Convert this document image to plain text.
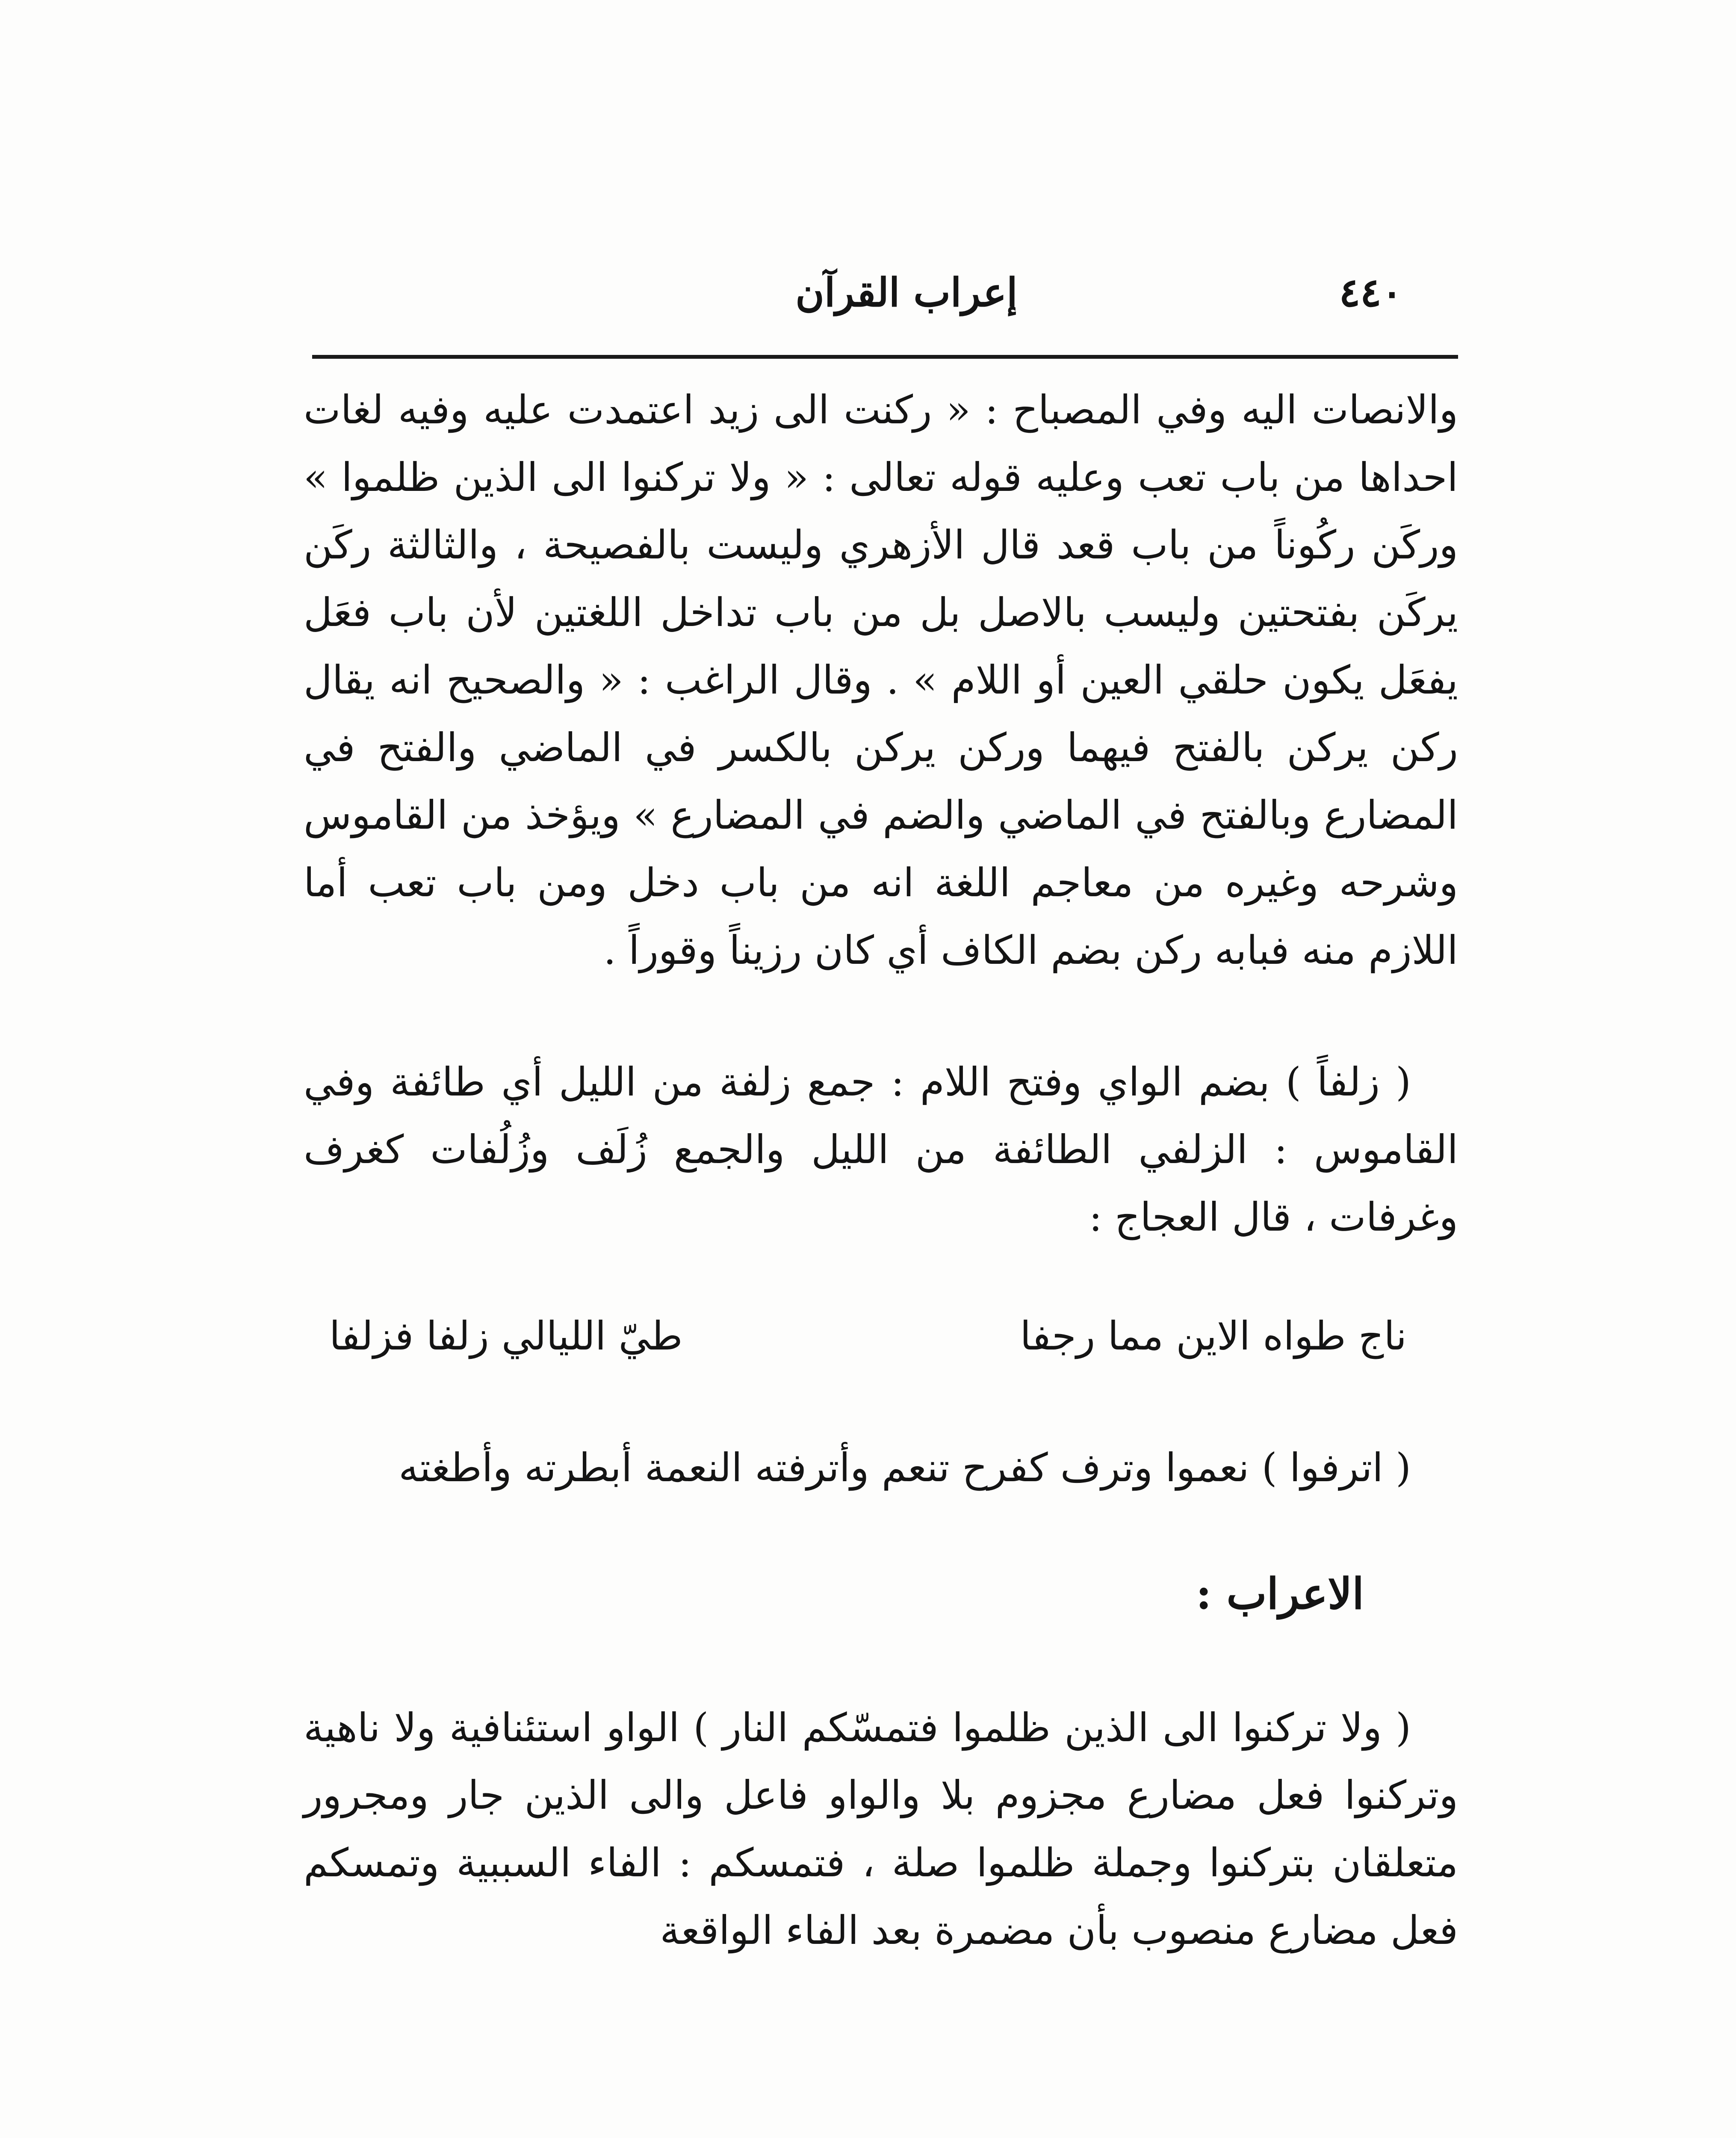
٤٤٠
إعراب القرآن

والانصات اليه وفي المصباح : « ركنت الى زيد اعتمدت عليه وفيه لغات احداها من باب تعب وعليه قوله تعالى : « ولا تركنوا الى الذين ظلموا » وركَن ركُوناً من باب قعد قال الأزهري وليست بالفصيحة ، والثالثة ركَن يركَن بفتحتين وليسب بالاصل بل من باب تداخل اللغتين لأن باب فعَل يفعَل يكون حلقي العين أو اللام » . وقال الراغب : « والصحيح انه يقال ركن يركن بالفتح فيهما وركن يركن بالكسر في الماضي والفتح في المضارع وبالفتح في الماضي والضم في المضارع » ويؤخذ من القاموس وشرحه وغيره من معاجم اللغة انه من باب دخل ومن باب تعب أما اللازم منه فبابه ركن بضم الكاف أي كان رزيناً وقوراً .

( زلفاً ) بضم الواي وفتح اللام : جمع زلفة من الليل أي طائفة وفي القاموس : الزلفي الطائفة من الليل والجمع زُلَف وزُلُفات كغرف وغرفات ، قال العجاج :

ناج طواه الاين مما رجفا
طيّ الليالي زلفا فزلفا

( اترفوا ) نعموا وترف كفرح تنعم وأترفته النعمة أبطرته وأطغته

الاعراب :

( ولا تركنوا الى الذين ظلموا فتمسّكم النار ) الواو استئنافية ولا ناهية وتركنوا فعل مضارع مجزوم بلا والواو فاعل والى الذين جار ومجرور متعلقان بتركنوا وجملة ظلموا صلة ، فتمسكم : الفاء السببية وتمسكم فعل مضارع منصوب بأن مضمرة بعد الفاء الواقعة
